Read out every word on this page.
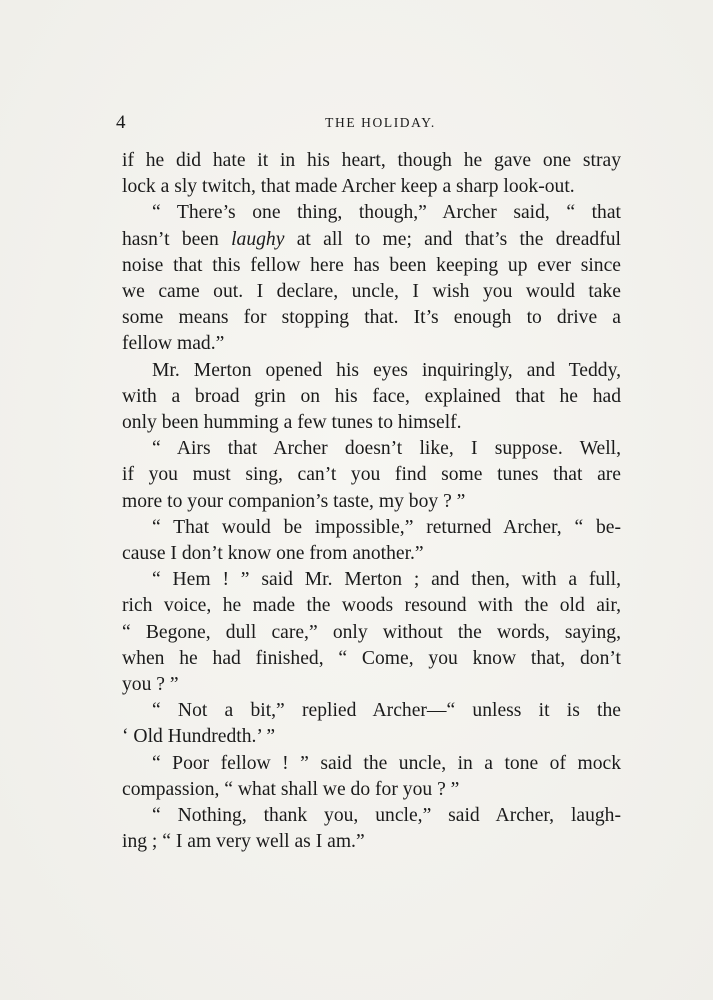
4	THE HOLIDAY.
if he did hate it in his heart, though he gave one stray
lock a sly twitch, that made Archer keep a sharp look-out.
“ There’s one thing, though,” Archer said, “ that
hasn’t been laughy at all to me; and that’s the dreadful
noise that this fellow here has been keeping up ever since
we came out. I declare, uncle, I wish you would take
some means for stopping that. It’s enough to drive a
fellow mad.”
Mr. Merton opened his eyes inquiringly, and Teddy,
with a broad grin on his face, explained that he had
only been humming a few tunes to himself.
“ Airs that Archer doesn’t like, I suppose. Well,
if you must sing, can’t you find some tunes that are
more to your companion’s taste, my boy ? ”
“ That would be impossible,” returned Archer, “ be-
cause I don’t know one from another.”
“ Hem ! ” said Mr. Merton ; and then, with a full,
rich voice, he made the woods resound with the old air,
“ Begone, dull care,” only without the words, saying,
when he had finished, “ Come, you know that, don’t
you ? ”
“ Not a bit,” replied Archer—“ unless it is the
‘ Old Hundredth.’ ”
“ Poor fellow ! ” said the uncle, in a tone of mock
compassion, “ what shall we do for you ? ”
“ Nothing, thank you, uncle,” said Archer, laugh-
ing ; “ I am very well as I am.”
